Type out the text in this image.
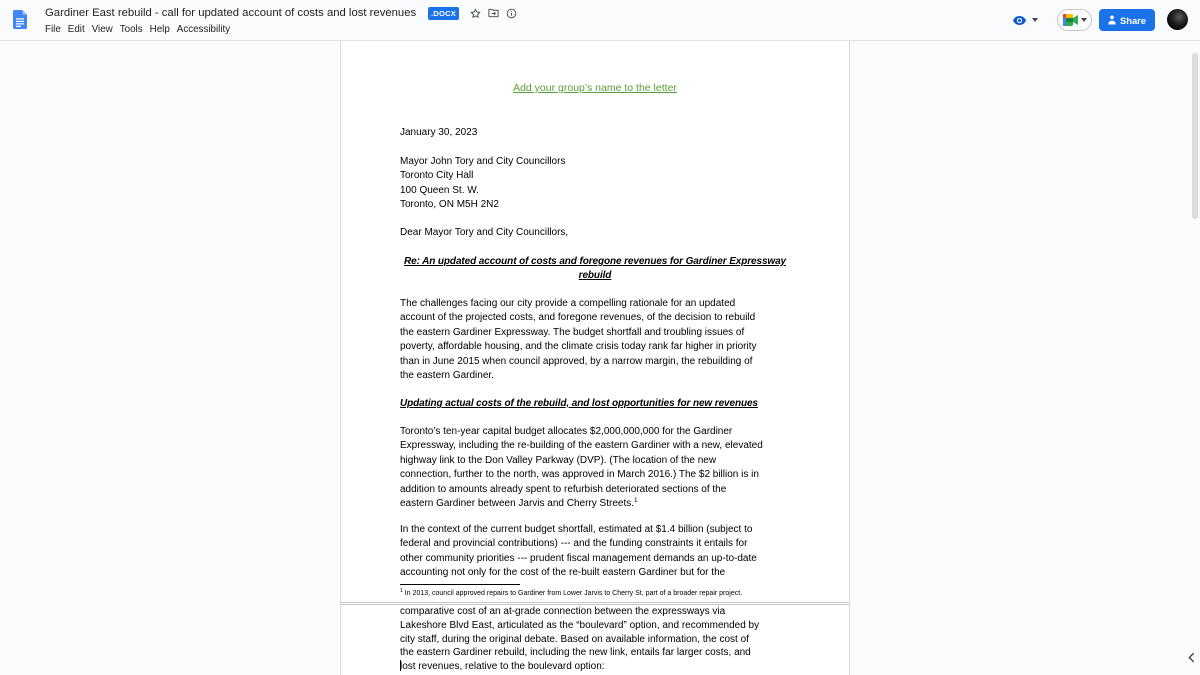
Gardiner East rebuild - call for updated account of costs and lost revenues	.DOCX
File Edit View Tools Help Accessibility
Share
Add your group’s name to the letter
January 30, 2023
Mayor John Tory and City Councillors
Toronto City Hall
100 Queen St. W.
Toronto, ON M5H 2N2
Dear Mayor Tory and City Councillors,
Re: An updated account of costs and foregone revenues for Gardiner Expressway
rebuild
The challenges facing our city provide a compelling rationale for an updated
account of the projected costs, and foregone revenues, of the decision to rebuild
the eastern Gardiner Expressway. The budget shortfall and troubling issues of
poverty, affordable housing, and the climate crisis today rank far higher in priority
than in June 2015 when council approved, by a narrow margin, the rebuilding of
the eastern Gardiner.
Updating actual costs of the rebuild, and lost opportunities for new revenues
Toronto’s ten-year capital budget allocates $2,000,000,000 for the Gardiner
Expressway, including the re-building of the eastern Gardiner with a new, elevated
highway link to the Don Valley Parkway (DVP). (The location of the new
connection, further to the north, was approved in March 2016.) The $2 billion is in
addition to amounts already spent to refurbish deteriorated sections of the
eastern Gardiner between Jarvis and Cherry Streets.$^1$
In the context of the current budget shortfall, estimated at $1.4 billion (subject to
federal and provincial contributions) --- and the funding constraints it entails for
other community priorities --- prudent fiscal management demands an up-to-date
accounting not only for the cost of the re-built eastern Gardiner but for the
$^1$ In 2013, council approved repairs to Gardiner from Lower Jarvis to Cherry St, part of a broader repair project.
comparative cost of an at-grade connection between the expressways via
Lakeshore Blvd East, articulated as the “boulevard” option, and recommended by
city staff, during the original debate. Based on available information, the cost of
the eastern Gardiner rebuild, including the new link, entails far larger costs, and
lost revenues, relative to the boulevard option:
